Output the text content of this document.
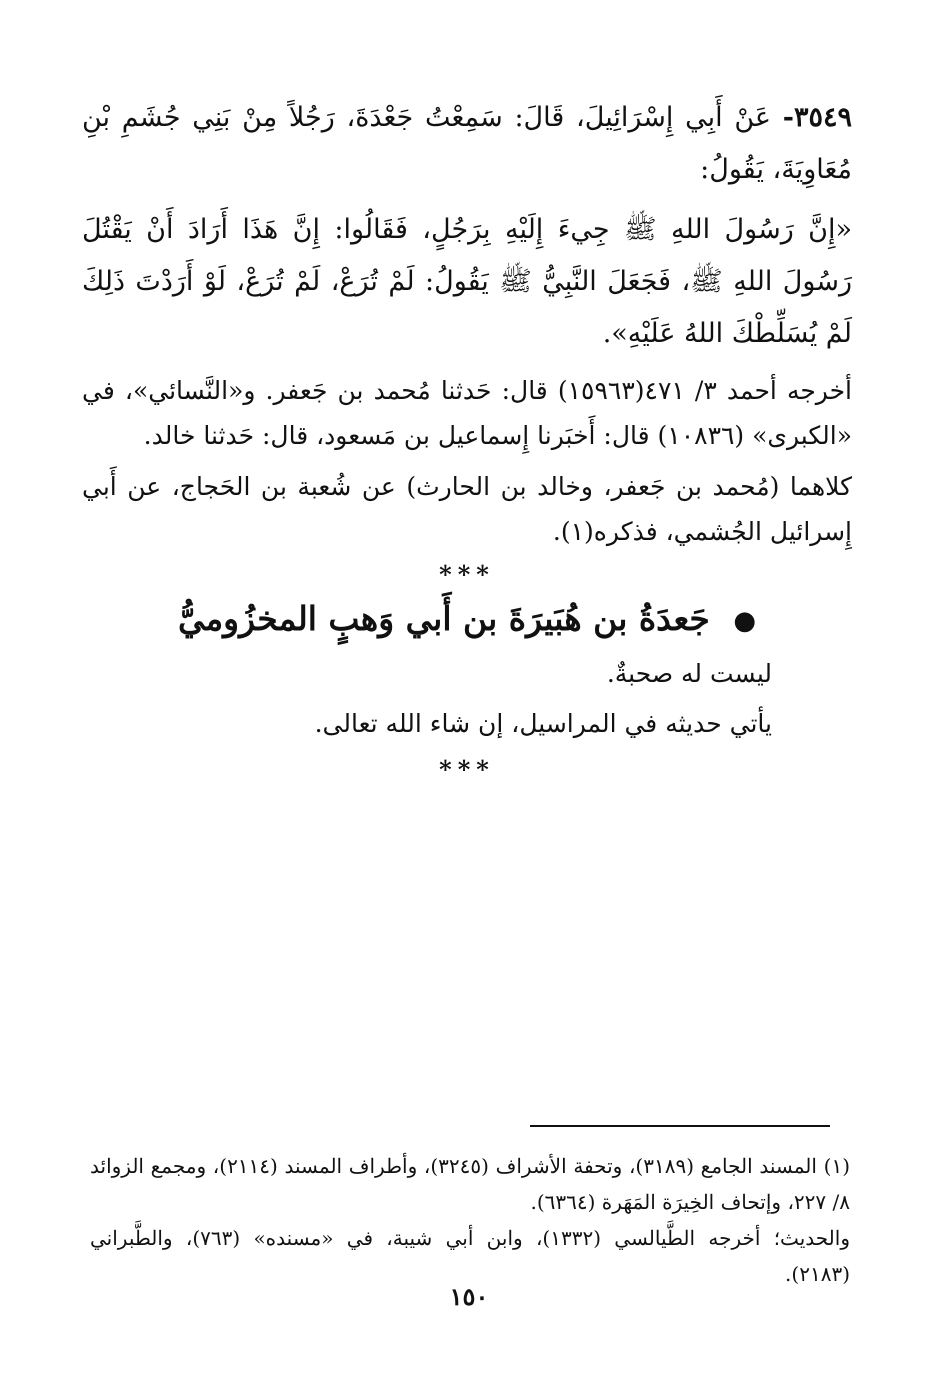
٣٥٤٩- عَنْ أَبِي إِسْرَائِيلَ، قَالَ: سَمِعْتُ جَعْدَةَ، رَجُلاً مِنْ بَنِي جُشَمِ بْنِ مُعَاوِيَةَ، يَقُولُ:

«إِنَّ رَسُولَ اللهِ ﷺ جِيءَ إِلَيْهِ بِرَجُلٍ، فَقَالُوا: إِنَّ هَذَا أَرَادَ أَنْ يَقْتُلَ رَسُولَ اللهِ ﷺ، فَجَعَلَ النَّبِيُّ ﷺ يَقُولُ: لَمْ تُرَعْ، لَمْ تُرَعْ، لَوْ أَرَدْتَ ذَلِكَ لَمْ يُسَلِّطْكَ اللهُ عَلَيْهِ».

أخرجه أحمد ٣/ ٤٧١(١٥٩٦٣) قال: حَدثنا مُحمد بن جَعفر. و«النَّسائي»، في «الكبرى» (١٠٨٣٦) قال: أَخبَرنا إِسماعيل بن مَسعود، قال: حَدثنا خالد.

كلاهما (مُحمد بن جَعفر، وخالد بن الحارث) عن شُعبة بن الحَجاج، عن أَبي إِسرائيل الجُشمي، فذكره(١).

***

● جَعدَةُ بن هُبَيرَةَ بن أَبي وَهبٍ المخزُوميُّ

ليست له صحبةٌ.

يأتي حديثه في المراسيل، إن شاء الله تعالى.

***

(١) المسند الجامع (٣١٨٩)، وتحفة الأشراف (٣٢٤٥)، وأطراف المسند (٢١١٤)، ومجمع الزوائد ٨/ ٢٢٧، وإتحاف الخِيرَة المَهَرة (٦٣٦٤).

والحديث؛ أخرجه الطَّيالسي (١٣٣٢)، وابن أبي شيبة، في «مسنده» (٧٦٣)، والطَّبراني (٢١٨٣).

١٥٠
